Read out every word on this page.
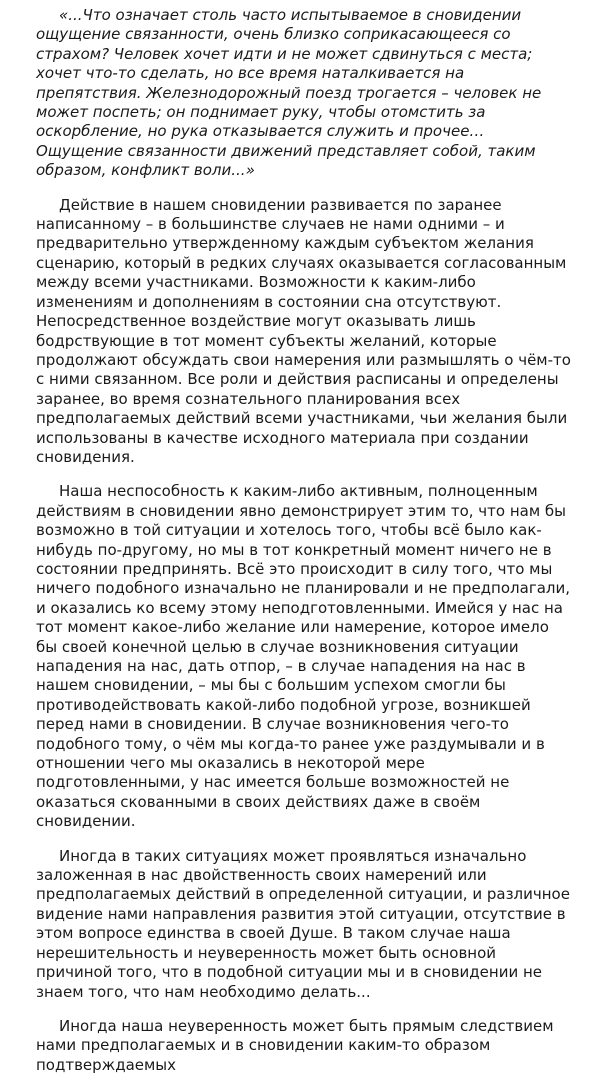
«...Что означает столь часто испытываемое в сновидении ощущение связанности, очень близко соприкасающееся со страхом? Человек хочет идти и не может сдвинуться с места; хочет что-то сделать, но все время наталкивается на препятствия. Железнодорожный поезд трогается – человек не может поспеть; он поднимает руку, чтобы отомстить за оскорбление, но рука отказывается служить и прочее… Ощущение связанности движений представляет собой, таким образом, конфликт воли...»

Действие в нашем сновидении развивается по заранее написанному – в большинстве случаев не нами одними – и предварительно утвержденному каждым субъектом желания сценарию, который в редких случаях оказывается согласованным между всеми участниками. Возможности к каким-либо изменениям и дополнениям в состоянии сна отсутствуют. Непосредственное воздействие могут оказывать лишь бодрствующие в тот момент субъекты желаний, которые продолжают обсуждать свои намерения или размышлять о чём-то с ними связанном. Все роли и действия расписаны и определены заранее, во время сознательного планирования всех предполагаемых действий всеми участниками, чьи желания были использованы в качестве исходного материала при создании сновидения.

Наша неспособность к каким-либо активным, полноценным действиям в сновидении явно демонстрирует этим то, что нам бы возможно в той ситуации и хотелось того, чтобы всё было как-нибудь по-другому, но мы в тот конкретный момент ничего не в состоянии предпринять. Всё это происходит в силу того, что мы ничего подобного изначально не планировали и не предполагали, и оказались ко всему этому неподготовленными. Имейся у нас на тот момент какое-либо желание или намерение, которое имело бы своей конечной целью в случае возникновения ситуации нападения на нас, дать отпор, – в случае нападения на нас в нашем сновидении, – мы бы с большим успехом смогли бы противодействовать какой-либо подобной угрозе, возникшей перед нами в сновидении. В случае возникновения чего-то подобного тому, о чём мы когда-то ранее уже раздумывали и в отношении чего мы оказались в некоторой мере подготовленными, у нас имеется больше возможностей не оказаться скованными в своих действиях даже в своём сновидении.

Иногда в таких ситуациях может проявляться изначально заложенная в нас двойственность своих намерений или предполагаемых действий в определенной ситуации, и различное видение нами направления развития этой ситуации, отсутствие в этом вопросе единства в своей Душе. В таком случае наша нерешительность и неуверенность может быть основной причиной того, что в подобной ситуации мы и в сновидении не знаем того, что нам необходимо делать...

Иногда наша неуверенность может быть прямым следствием нами предполагаемых и в сновидении каким-то образом подтверждаемых
